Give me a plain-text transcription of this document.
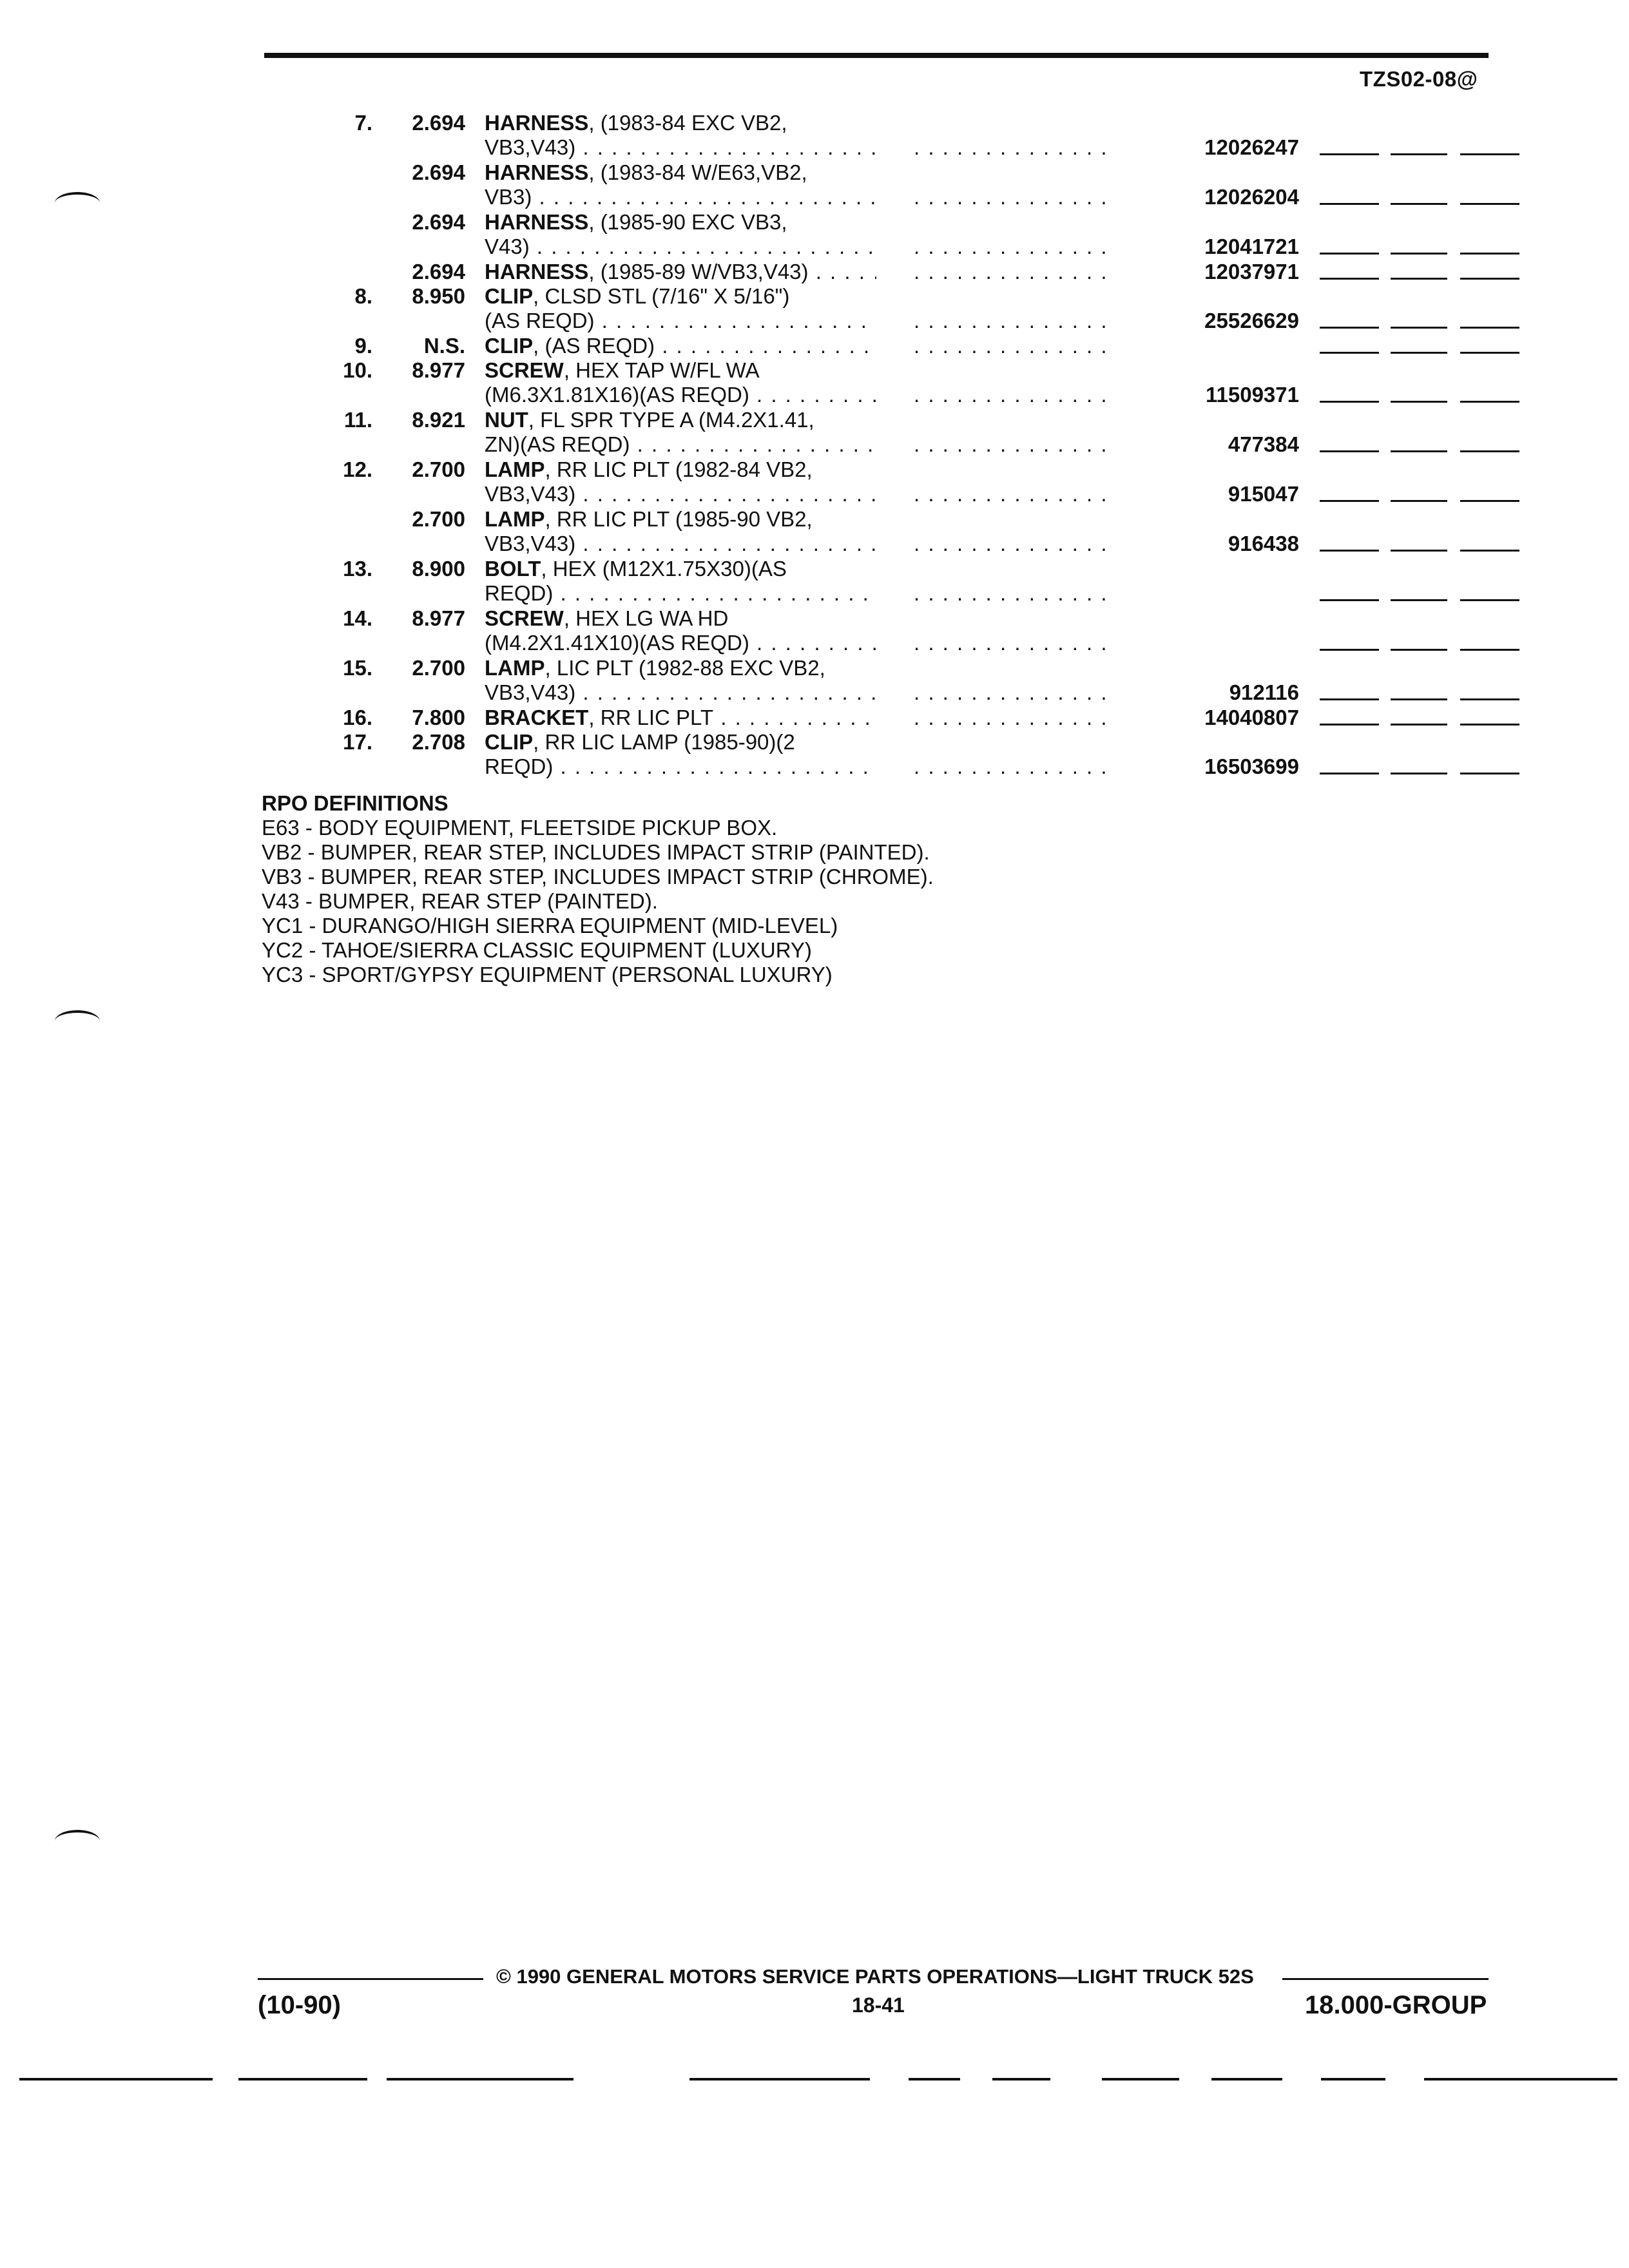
TZS02-08@
7. 2.694 HARNESS, (1983-84 EXC VB2,
VB3,V43) . . . . . .	12026247
2.694 HARNESS, (1983-84 W/E63,VB2,
VB3) . . . . . .	12026204
2.694 HARNESS, (1985-90 EXC VB3,
V43) . . . . . .	12041721
2.694 HARNESS, (1985-89 W/VB3,V43) . . . . . .	12037971
8. 8.950 CLIP, CLSD STL (7/16" X 5/16")
(AS REQD) . . . . . .	25526629
9. N.S. CLIP, (AS REQD) . . .
. . .
10. 8.977 SCREW, HEX TAP W/FL WA
(M6.3X1.81X16)(AS REQD) . . . . . .	11509371
11. 8.921 NUT, FL SPR TYPE A (M4.2X1.41,
ZN)(AS REQD) . . . . . .	477384
12. 2.700 LAMP, RR LIC PLT (1982-84 VB2,
VB3,V43) . . . . . .	915047
2.700 LAMP, RR LIC PLT (1985-90 VB2,
VB3,V43) . . . . . .	916438
13. 8.900 BOLT, HEX (M12X1.75X30)(AS
REQD) . . .
. . .
14. 8.977 SCREW, HEX LG WA HD
(M4.2X1.41X10)(AS REQD) . . .
. . .
15. 2.700 LAMP, LIC PLT (1982-88 EXC VB2,
VB3,V43) . . . . . .	912116
16. 7.800 BRACKET, RR LIC PLT . . . . . .	14040807
17. 2.708 CLIP, RR LIC LAMP (1985-90)(2
REQD) . . . . . .	16503699
RPO DEFINITIONS
E63 - BODY EQUIPMENT, FLEETSIDE PICKUP BOX.
VB2 - BUMPER, REAR STEP, INCLUDES IMPACT STRIP (PAINTED).
VB3 - BUMPER, REAR STEP, INCLUDES IMPACT STRIP (CHROME).
V43 - BUMPER, REAR STEP (PAINTED).
YC1 - DURANGO/HIGH SIERRA EQUIPMENT (MID-LEVEL)
YC2 - TAHOE/SIERRA CLASSIC EQUIPMENT (LUXURY)
YC3 - SPORT/GYPSY EQUIPMENT (PERSONAL LUXURY)
© 1990 GENERAL MOTORS SERVICE PARTS OPERATIONS—LIGHT TRUCK 52S
(10-90)	18-41	18.000-GROUP
